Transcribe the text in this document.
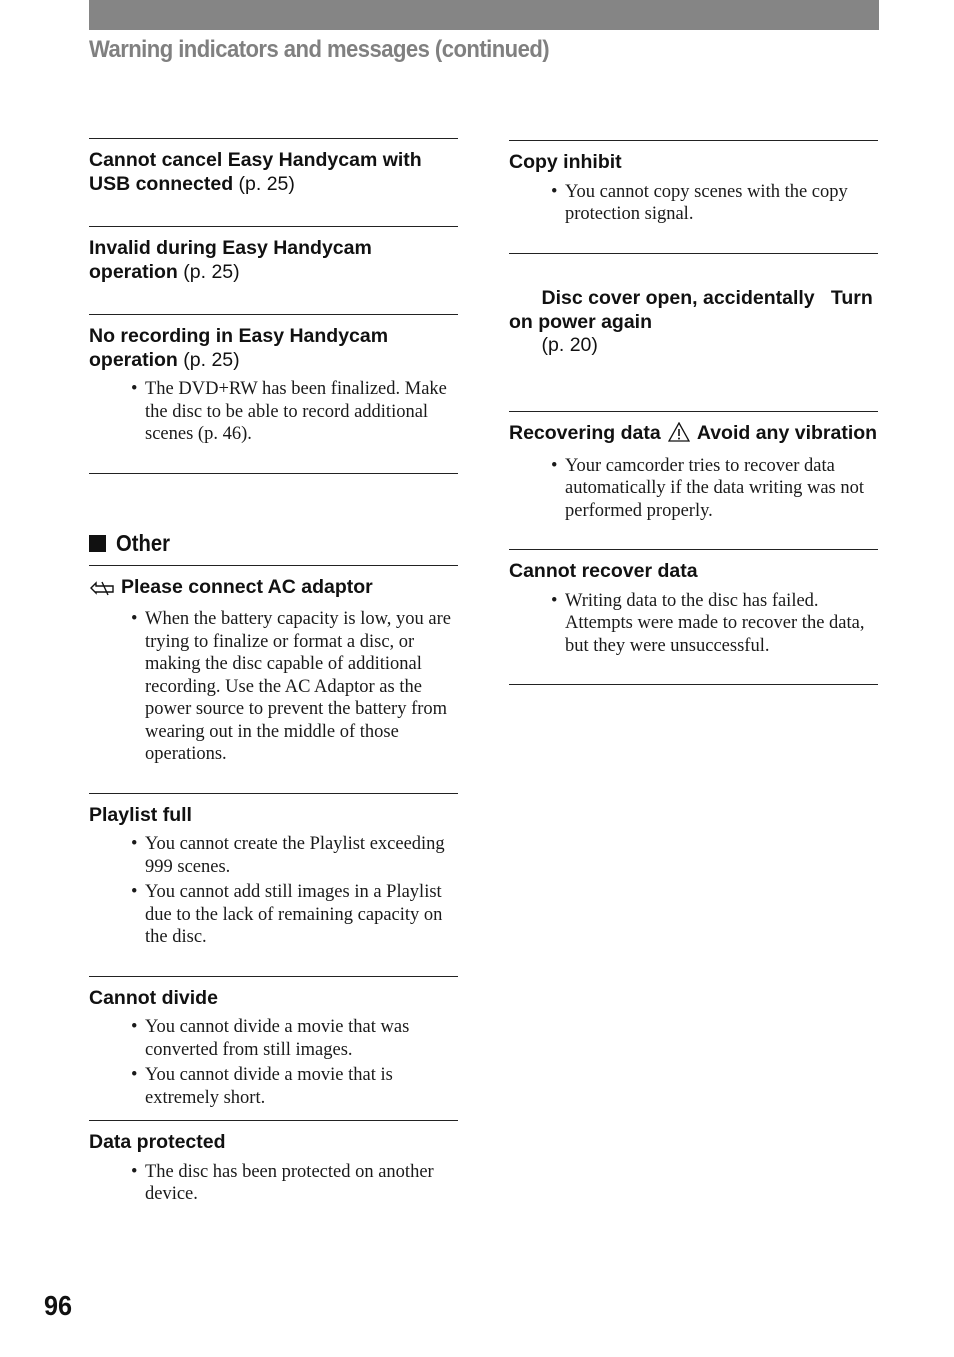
Warning indicators and messages (continued)
Cannot cancel Easy Handycam with USB connected (p. 25)
Invalid during Easy Handycam operation (p. 25)
No recording in Easy Handycam operation (p. 25)
• The DVD+RW has been finalized. Make the disc to be able to record additional scenes (p. 46).
Other
Please connect AC adaptor
• When the battery capacity is low, you are trying to finalize or format a disc, or making the disc capable of additional recording. Use the AC Adaptor as the power source to prevent the battery from wearing out in the middle of those operations.
Playlist full
• You cannot create the Playlist exceeding 999 scenes.
• You cannot add still images in a Playlist due to the lack of remaining capacity on the disc.
Cannot divide
• You cannot divide a movie that was converted from still images.
• You cannot divide a movie that is extremely short.
Data protected
• The disc has been protected on another device.
Copy inhibit
• You cannot copy scenes with the copy protection signal.

Disc cover open, accidentally   Turn on power again
(p. 20)

Recovering data Avoid any vibration
• Your camcorder tries to recover data automatically if the data writing was not performed properly.
Cannot recover data
• Writing data to the disc has failed. Attempts were made to recover the data, but they were unsuccessful.
96
